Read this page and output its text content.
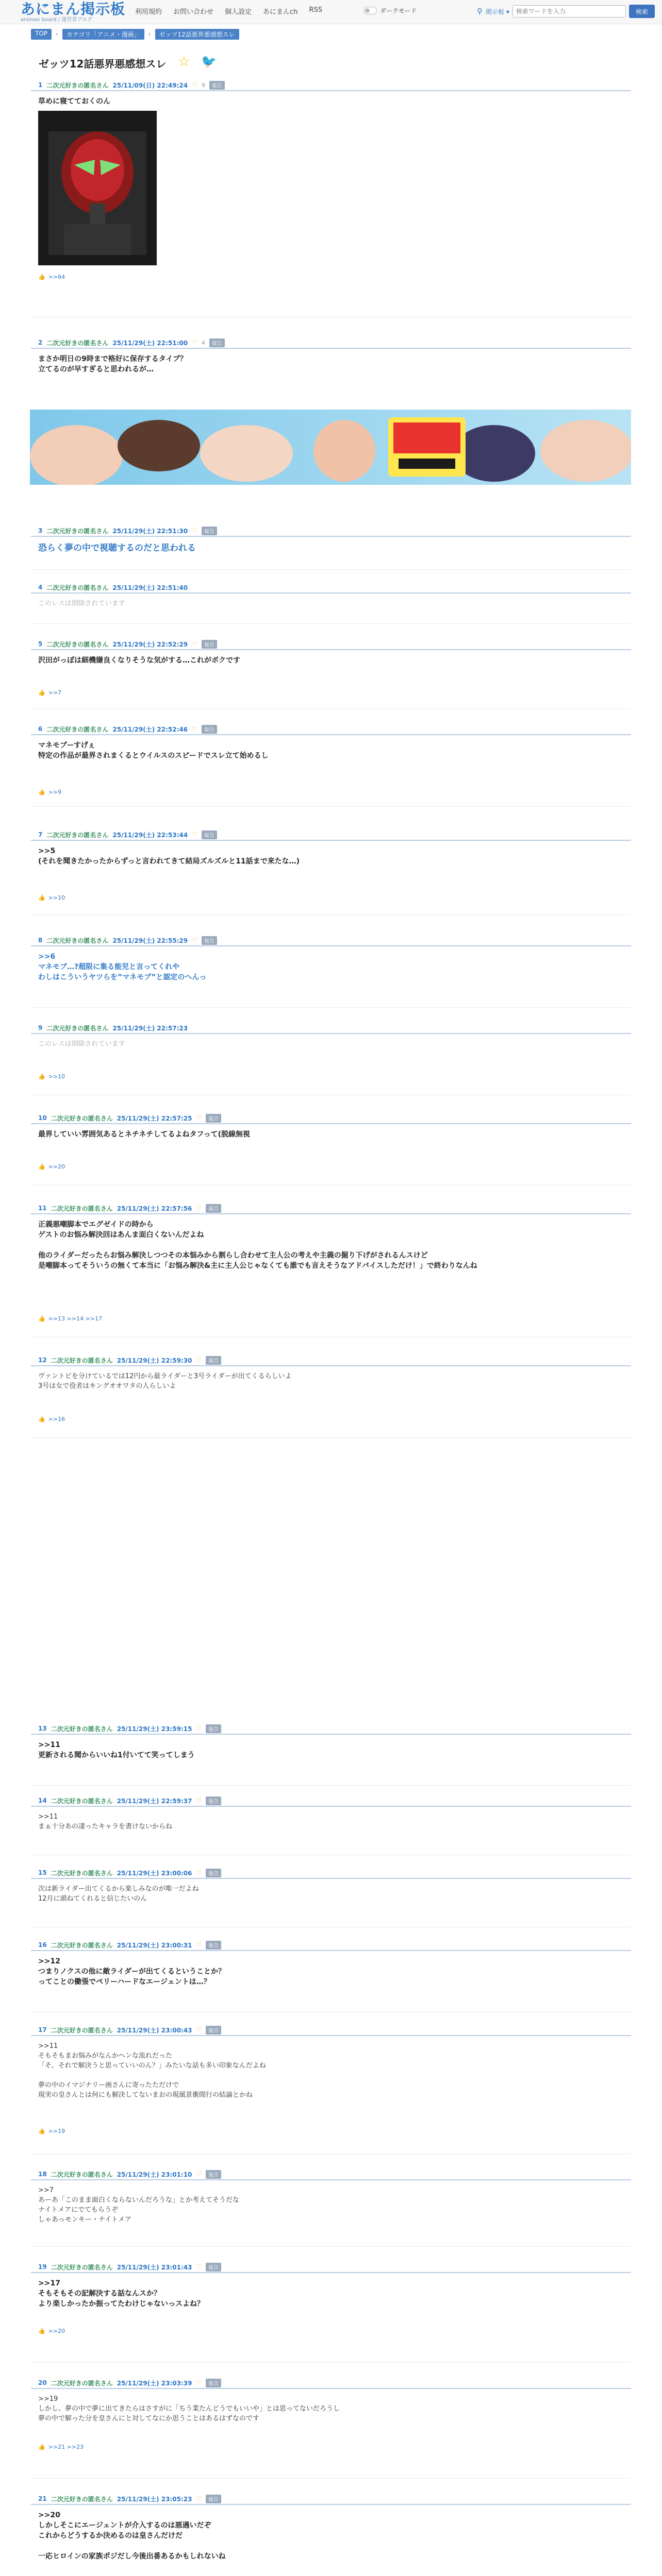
あにまん掲示板
animan board / 運営者ブログ
利用規約 お問い合わせ 個人設定 あにまんch RSS	ダークモード	⚲ 掲示板 ▾
検索ワードを入力	検索
TOP	›	カテゴリ「アニメ・漫画」	›	ゼッツ12話悪界悪感想スレ
ゼッツ12話悪界悪感想スレ ☆ 🐦
1 二次元好きの匿名さん 25/11/09(日) 22:49:24 ♡ 9	報告
草めに寝てておくのん
👍 >>64
2 二次元好きの匿名さん 25/11/29(土) 22:51:00 ♡ 4	報告
まさか明日の9時まで格好に保存するタイプ？
立てるのが早すぎると思われるが…
3 二次元好きの匿名さん 25/11/29(土) 22:51:30 ♡	報告
恐らく夢の中で視聴するのだと思われる
4 二次元好きの匿名さん 25/11/29(土) 22:51:40
このレスは削除されています
5 二次元好きの匿名さん 25/11/29(土) 22:52:29 ♡	報告
沢田がっぽは細機嫌良くなりそうな気がする…これがボクです
👍 >>7
6 二次元好きの匿名さん 25/11/29(土) 22:52:46 ♡	報告
マネモブーすげぇ
特定の作品が最界されまくるとウイルスのスピードでスレ立て始めるし
👍 >>9
7 二次元好きの匿名さん 25/11/29(土) 22:53:44 ♡	報告
>>5
(それを聞きたかったからずっと言われてきて結局ズルズルと11話まで来たな…)
👍 >>10
8 二次元好きの匿名さん 25/11/29(土) 22:55:29 ♡	報告
>>6
マネモブ…?超限に集る能児と言ってくれや
わしはこういうヤツらを”マネモブ”と認定のへんっ
9 二次元好きの匿名さん 25/11/29(土) 22:57:23
このレスは削除されています
👍 >>10
10 二次元好きの匿名さん 25/11/29(土) 22:57:25 ♡	報告
最界していい雰囲気あるとネチネチしてるよねタフって(脱線無視
👍 >>20
11 二次元好きの匿名さん 25/11/29(土) 22:57:56 ♡	報告
正義悪嘲脚本でエグゼイドの時から
ゲストのお悩み解決回はあんま面白くないんだよね

他のライダーだったらお悩み解決しつつその本悩みから割らし合わせて主人公の考えや主義の掘り下げがされるんスけど
是嘲脚本ってそういうの無くて本当に「お悩み解決&主に主人公じゃなくても誰でも言えそうなアドバイスしただけ！」で終わりなんね
👍 >>13 >>14 >>17
12 二次元好きの匿名さん 25/11/29(土) 22:59:30 ♡	報告
ヴァントビを分けているでは12円から最ライダーと3号ライダーが出てくるらしいよ
3号は女で役者はキングオオワタの人らしいよ
👍 >>16
13 二次元好きの匿名さん 25/11/29(土) 23:59:15 ♡	報告
>>11
更新される聞からいいね1付いてて笑ってしまう
14 二次元好きの匿名さん 25/11/29(土) 22:59:37 ♡	報告
>>11
まぁ十分あの凄ったキャラを書けないからね
15 二次元好きの匿名さん 25/11/29(土) 23:00:06 ♡	報告
次は新ライダー出てくるから楽しみなのが唯一だよね
12月に頭ねてくれると信じたいのん
16 二次元好きの匿名さん 25/11/29(土) 23:00:31 ♡	報告
>>12
つまりノクスの他に敵ライダーが出てくるということか？
ってことの働張でペリーハードなエージェントは…？
17 二次元好きの匿名さん 25/11/29(土) 23:00:43 ♡	報告
>>11
そもそもまお悩みがなんかヘンな流れだった
「そ、それで解決うと思っていいのん？」みたいな話も多い印象なんだよね

夢の中のイマジナリー画さんに寄ったただけで
現実の皇さんとは何にも解決してないまおの現風景衝間行の結論とかね
👍 >>19
18 二次元好きの匿名さん 25/11/29(土) 23:01:10 ♡	報告
>>7
あーあ「このまま面白くならないんだろうな」とか考えてそうだな
ナイトメアにでてもらうぞ
しゃあっモンキー・ナイトメア
19 二次元好きの匿名さん 25/11/29(土) 23:01:43 ♡	報告
>>17
そもそもその記解決する話なんスか？
より楽しかったか振ってたわけじゃないっスよね？
👍 >>20
20 二次元好きの匿名さん 25/11/29(土) 23:03:39 ♡	報告
>>19
しかし、夢の中で夢に出てきたらはさすがに「ちう業たんどうでもいいや」とは思ってないだろうし
夢の中で解った分を皇さんにと対してなにか思うことはあるはずなのです
👍 >>21 >>23
21 二次元好きの匿名さん 25/11/29(土) 23:05:23 ♡	報告
>>20
しかしそこにエージェントが介入するのは悪遇いだぞ
これからどうするか決めるのは皇さんだけだ

一応ヒロインの家族ポジだし今後出番あるかもしれないね
